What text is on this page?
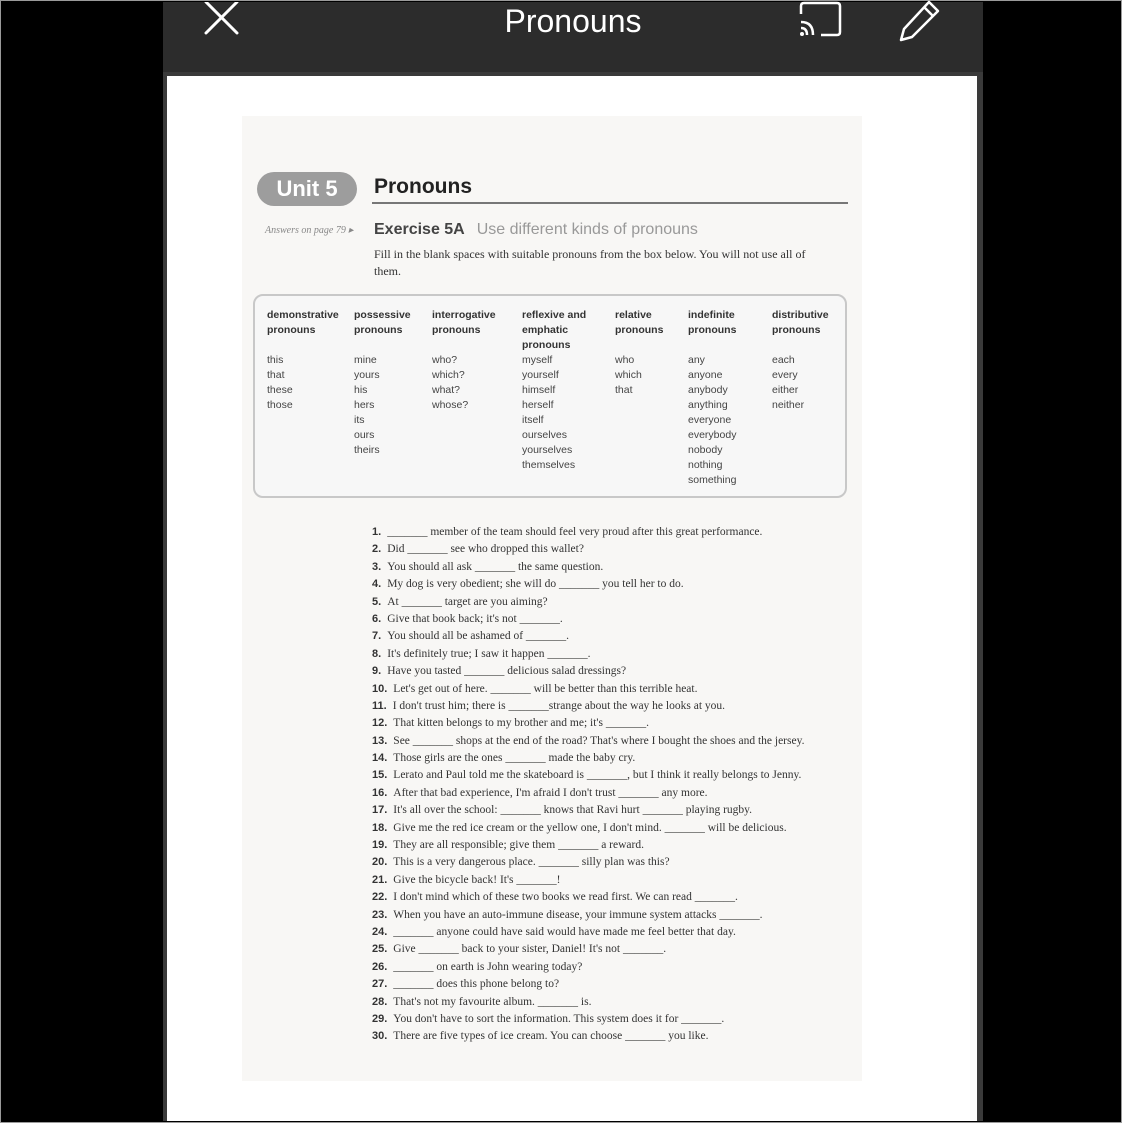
Pronouns
Unit 5	Pronouns
Answers on page 79 ▸ Exercise 5A Use different kinds of pronouns
Fill in the blank spaces with suitable pronouns from the box below. You will not use all of them.
demonstrative
pronouns
this
that
these
those
possessive
pronouns
mine
yours
his
hers
its
ours
theirs
interrogative
pronouns
who?
which?
what?
whose?
reflexive and
emphatic
pronouns
myself
yourself
himself
herself
itself
ourselves
yourselves
themselves
relative
pronouns
who
which
that
indefinite
pronouns
any
anyone
anybody
anything
everyone
everybody
nobody
nothing
something
distributive
pronouns
each
every
either
neither
1. _______ member of the team should feel very proud after this great performance.
2. Did _______ see who dropped this wallet?
3. You should all ask _______ the same question.
4. My dog is very obedient; she will do _______ you tell her to do.
5. At _______ target are you aiming?
6. Give that book back; it's not _______.
7. You should all be ashamed of _______.
8. It's definitely true; I saw it happen _______.
9. Have you tasted _______ delicious salad dressings?
10. Let's get out of here. _______ will be better than this terrible heat.
11. I don't trust him; there is _______strange about the way he looks at you.
12. That kitten belongs to my brother and me; it's _______.
13. See _______ shops at the end of the road? That's where I bought the shoes and the jersey.
14. Those girls are the ones _______ made the baby cry.
15. Lerato and Paul told me the skateboard is _______, but I think it really belongs to Jenny.
16. After that bad experience, I'm afraid I don't trust _______ any more.
17. It's all over the school: _______ knows that Ravi hurt _______ playing rugby.
18. Give me the red ice cream or the yellow one, I don't mind. _______ will be delicious.
19. They are all responsible; give them _______ a reward.
20. This is a very dangerous place. _______ silly plan was this?
21. Give the bicycle back! It's _______!
22. I don't mind which of these two books we read first. We can read _______.
23. When you have an auto-immune disease, your immune system attacks _______.
24. _______ anyone could have said would have made me feel better that day.
25. Give _______ back to your sister, Daniel! It's not _______.
26. _______ on earth is John wearing today?
27. _______ does this phone belong to?
28. That's not my favourite album. _______ is.
29. You don't have to sort the information. This system does it for _______.
30. There are five types of ice cream. You can choose _______ you like.
